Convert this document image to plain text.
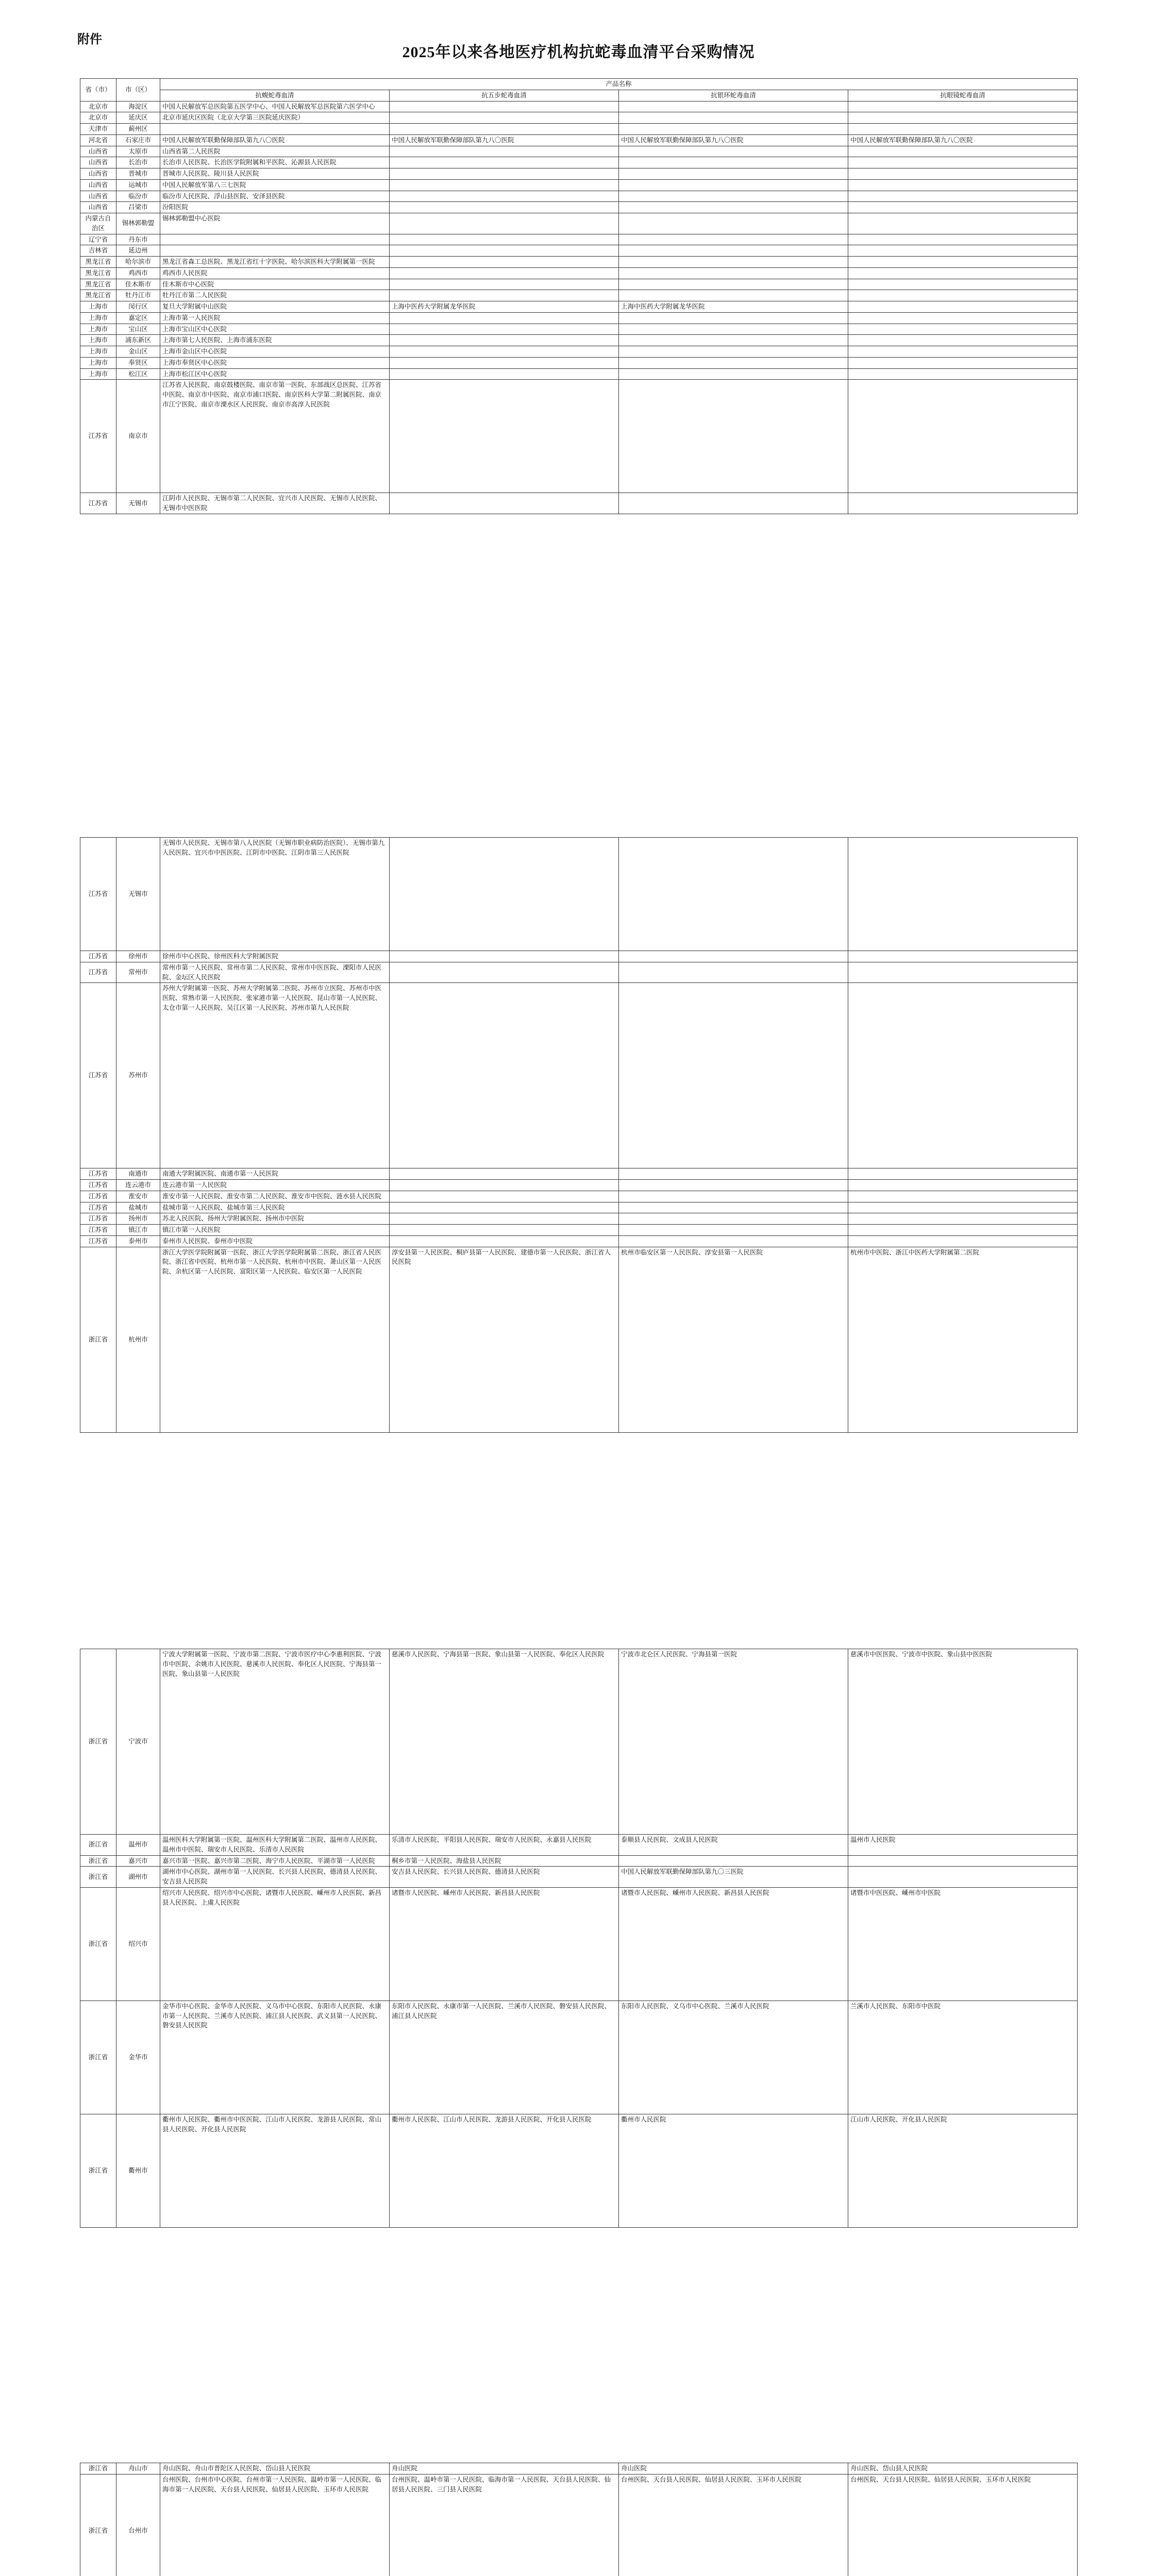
附件
2025年以来各地医疗机构抗蛇毒血清平台采购情况
省（市）	市（区）	产品名称			
		抗蝮蛇毒血清	抗五步蛇毒血清	抗银环蛇毒血清	抗眼镜蛇毒血清
北京市	海淀区	中国人民解放军总医院第五医学中心、中国人民解放军总医院第六医学中心			
北京市	延庆区	北京市延庆区医院（北京大学第三医院延庆医院）			
天津市	蓟州区				
河北省	石家庄市	中国人民解放军联勤保障部队第九八〇医院	中国人民解放军联勤保障部队第九八〇医院	中国人民解放军联勤保障部队第九八〇医院	中国人民解放军联勤保障部队第九八〇医院
山西省	太原市	山西省第二人民医院			
山西省	长治市	长治市人民医院、长治医学院附属和平医院、沁源县人民医院			
山西省	晋城市	晋城市人民医院、陵川县人民医院			
山西省	运城市	中国人民解放军第八三七医院			
山西省	临汾市	临汾市人民医院、浮山县医院、安泽县医院			
山西省	吕梁市	汾阳医院			
内蒙古自治区	锡林郭勒盟	锡林郭勒盟中心医院			
辽宁省	丹东市				
吉林省	延边州				
黑龙江省	哈尔滨市	黑龙江省森工总医院、黑龙江省红十字医院、哈尔滨医科大学附属第一医院			
黑龙江省	鸡西市	鸡西市人民医院			
黑龙江省	佳木斯市	佳木斯市中心医院			
黑龙江省	牡丹江市	牡丹江市第二人民医院			
上海市	闵行区	复旦大学附属中山医院	上海中医药大学附属龙华医院	上海中医药大学附属龙华医院	
上海市	嘉定区	上海市第一人民医院			
上海市	宝山区	上海市宝山区中心医院			
上海市	浦东新区	上海市第七人民医院、上海市浦东医院			
上海市	金山区	上海市金山区中心医院			
上海市	奉贤区	上海市奉贤区中心医院			
上海市	松江区	上海市松江区中心医院			
江苏省	南京市	江苏省人民医院、南京鼓楼医院、南京市第一医院、东部战区总医院、江苏省中医院、南京市中医院、南京市浦口医院、南京医科大学第二附属医院、南京市江宁医院、南京市溧水区人民医院、南京市高淳人民医院			
江苏省	无锡市	江阴市人民医院、无锡市第二人民医院、宜兴市人民医院、无锡市人民医院、无锡市中医医院			
江苏省	无锡市	无锡市人民医院、无锡市第八人民医院（无锡市职业病防治医院）、无锡市第九人民医院、宜兴市中医医院、江阴市中医院、江阴市第三人民医院			
江苏省	徐州市	徐州市中心医院、徐州医科大学附属医院			
江苏省	常州市	常州市第一人民医院、常州市第二人民医院、常州市中医医院、溧阳市人民医院、金坛区人民医院			
江苏省	苏州市	苏州大学附属第一医院、苏州大学附属第二医院、苏州市立医院、苏州市中医医院、常熟市第一人民医院、张家港市第一人民医院、昆山市第一人民医院、太仓市第一人民医院、吴江区第一人民医院、苏州市第九人民医院			
江苏省	南通市	南通大学附属医院、南通市第一人民医院			
江苏省	连云港市	连云港市第一人民医院			
江苏省	淮安市	淮安市第一人民医院、淮安市第二人民医院、淮安市中医院、涟水县人民医院			
江苏省	盐城市	盐城市第一人民医院、盐城市第三人民医院			
江苏省	扬州市	苏北人民医院、扬州大学附属医院、扬州市中医院			
江苏省	镇江市	镇江市第一人民医院			
江苏省	泰州市	泰州市人民医院、泰州市中医院			
浙江省	杭州市	浙江大学医学院附属第一医院、浙江大学医学院附属第二医院、浙江省人民医院、浙江省中医院、杭州市第一人民医院、杭州市中医院、萧山区第一人民医院、余杭区第一人民医院、富阳区第一人民医院、临安区第一人民医院	淳安县第一人民医院、桐庐县第一人民医院、建德市第一人民医院、浙江省人民医院	杭州市临安区第一人民医院、淳安县第一人民医院	杭州市中医院、浙江中医药大学附属第二医院
浙江省	宁波市	宁波大学附属第一医院、宁波市第二医院、宁波市医疗中心李惠利医院、宁波市中医院、余姚市人民医院、慈溪市人民医院、奉化区人民医院、宁海县第一医院、象山县第一人民医院	慈溪市人民医院、宁海县第一医院、象山县第一人民医院、奉化区人民医院	宁波市北仑区人民医院、宁海县第一医院	慈溪市中医医院、宁波市中医院、象山县中医医院
浙江省	温州市	温州医科大学附属第一医院、温州医科大学附属第二医院、温州市人民医院、温州市中医院、瑞安市人民医院、乐清市人民医院	乐清市人民医院、平阳县人民医院、瑞安市人民医院、永嘉县人民医院	泰顺县人民医院、文成县人民医院	温州市人民医院
浙江省	嘉兴市	嘉兴市第一医院、嘉兴市第二医院、海宁市人民医院、平湖市第一人民医院	桐乡市第一人民医院、海盐县人民医院		
浙江省	湖州市	湖州市中心医院、湖州市第一人民医院、长兴县人民医院、德清县人民医院、安吉县人民医院	安吉县人民医院、长兴县人民医院、德清县人民医院	中国人民解放军联勤保障部队第九〇三医院	
浙江省	绍兴市	绍兴市人民医院、绍兴市中心医院、诸暨市人民医院、嵊州市人民医院、新昌县人民医院、上虞人民医院	诸暨市人民医院、嵊州市人民医院、新昌县人民医院	诸暨市人民医院、嵊州市人民医院、新昌县人民医院	诸暨市中医医院、嵊州市中医院
浙江省	金华市	金华市中心医院、金华市人民医院、义乌市中心医院、东阳市人民医院、永康市第一人民医院、兰溪市人民医院、浦江县人民医院、武义县第一人民医院、磐安县人民医院	东阳市人民医院、永康市第一人民医院、兰溪市人民医院、磐安县人民医院、浦江县人民医院	东阳市人民医院、义乌市中心医院、兰溪市人民医院	兰溪市人民医院、东阳市中医院
浙江省	衢州市	衢州市人民医院、衢州市中医医院、江山市人民医院、龙游县人民医院、常山县人民医院、开化县人民医院	衢州市人民医院、江山市人民医院、龙游县人民医院、开化县人民医院	衢州市人民医院	江山市人民医院、开化县人民医院
浙江省	舟山市	舟山医院、舟山市普陀区人民医院、岱山县人民医院	舟山医院	舟山医院	舟山医院、岱山县人民医院
浙江省	台州市	台州医院、台州市中心医院、台州市第一人民医院、温岭市第一人民医院、临海市第一人民医院、天台县人民医院、仙居县人民医院、玉环市人民医院	台州医院、温岭市第一人民医院、临海市第一人民医院、天台县人民医院、仙居县人民医院、三门县人民医院	台州医院、天台县人民医院、仙居县人民医院、玉环市人民医院	台州医院、天台县人民医院、仙居县人民医院、玉环市人民医院
